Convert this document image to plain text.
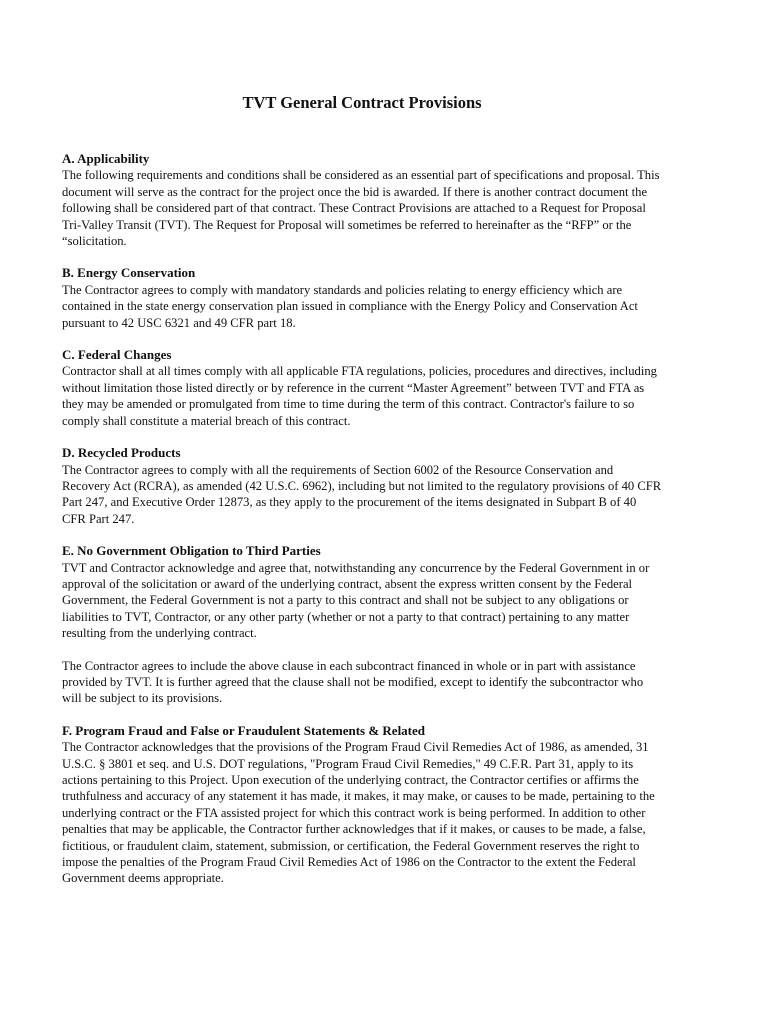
TVT General Contract Provisions
A. Applicability

The following requirements and conditions shall be considered as an essential part of specifications and proposal. This document will serve as the contract for the project once the bid is awarded. If there is another contract document the following shall be considered part of that contract. These Contract Provisions are attached to a Request for Proposal Tri-Valley Transit (TVT). The Request for Proposal will sometimes be referred to hereinafter as the “RFP” or the “solicitation.

B. Energy Conservation

The Contractor agrees to comply with mandatory standards and policies relating to energy efficiency which are contained in the state energy conservation plan issued in compliance with the Energy Policy and Conservation Act pursuant to 42 USC 6321 and 49 CFR part 18.

C. Federal Changes

Contractor shall at all times comply with all applicable FTA regulations, policies, procedures and directives, including without limitation those listed directly or by reference in the current “Master Agreement” between TVT and FTA as they may be amended or promulgated from time to time during the term of this contract. Contractor's failure to so comply shall constitute a material breach of this contract.

D. Recycled Products

The Contractor agrees to comply with all the requirements of Section 6002 of the Resource Conservation and Recovery Act (RCRA), as amended (42 U.S.C. 6962), including but not limited to the regulatory provisions of 40 CFR Part 247, and Executive Order 12873, as they apply to the procurement of the items designated in Subpart B of 40 CFR Part 247.

E. No Government Obligation to Third Parties

TVT and Contractor acknowledge and agree that, notwithstanding any concurrence by the Federal Government in or approval of the solicitation or award of the underlying contract, absent the express written consent by the Federal Government, the Federal Government is not a party to this contract and shall not be subject to any obligations or liabilities to TVT, Contractor, or any other party (whether or not a party to that contract) pertaining to any matter resulting from the underlying contract.

The Contractor agrees to include the above clause in each subcontract financed in whole or in part with assistance provided by TVT. It is further agreed that the clause shall not be modified, except to identify the subcontractor who will be subject to its provisions.

F. Program Fraud and False or Fraudulent Statements & Related

The Contractor acknowledges that the provisions of the Program Fraud Civil Remedies Act of 1986, as amended, 31 U.S.C. § 3801 et seq. and U.S. DOT regulations, "Program Fraud Civil Remedies," 49 C.F.R. Part 31, apply to its actions pertaining to this Project. Upon execution of the underlying contract, the Contractor certifies or affirms the truthfulness and accuracy of any statement it has made, it makes, it may make, or causes to be made, pertaining to the underlying contract or the FTA assisted project for which this contract work is being performed. In addition to other penalties that may be applicable, the Contractor further acknowledges that if it makes, or causes to be made, a false, fictitious, or fraudulent claim, statement, submission, or certification, the Federal Government reserves the right to impose the penalties of the Program Fraud Civil Remedies Act of 1986 on the Contractor to the extent the Federal Government deems appropriate.
